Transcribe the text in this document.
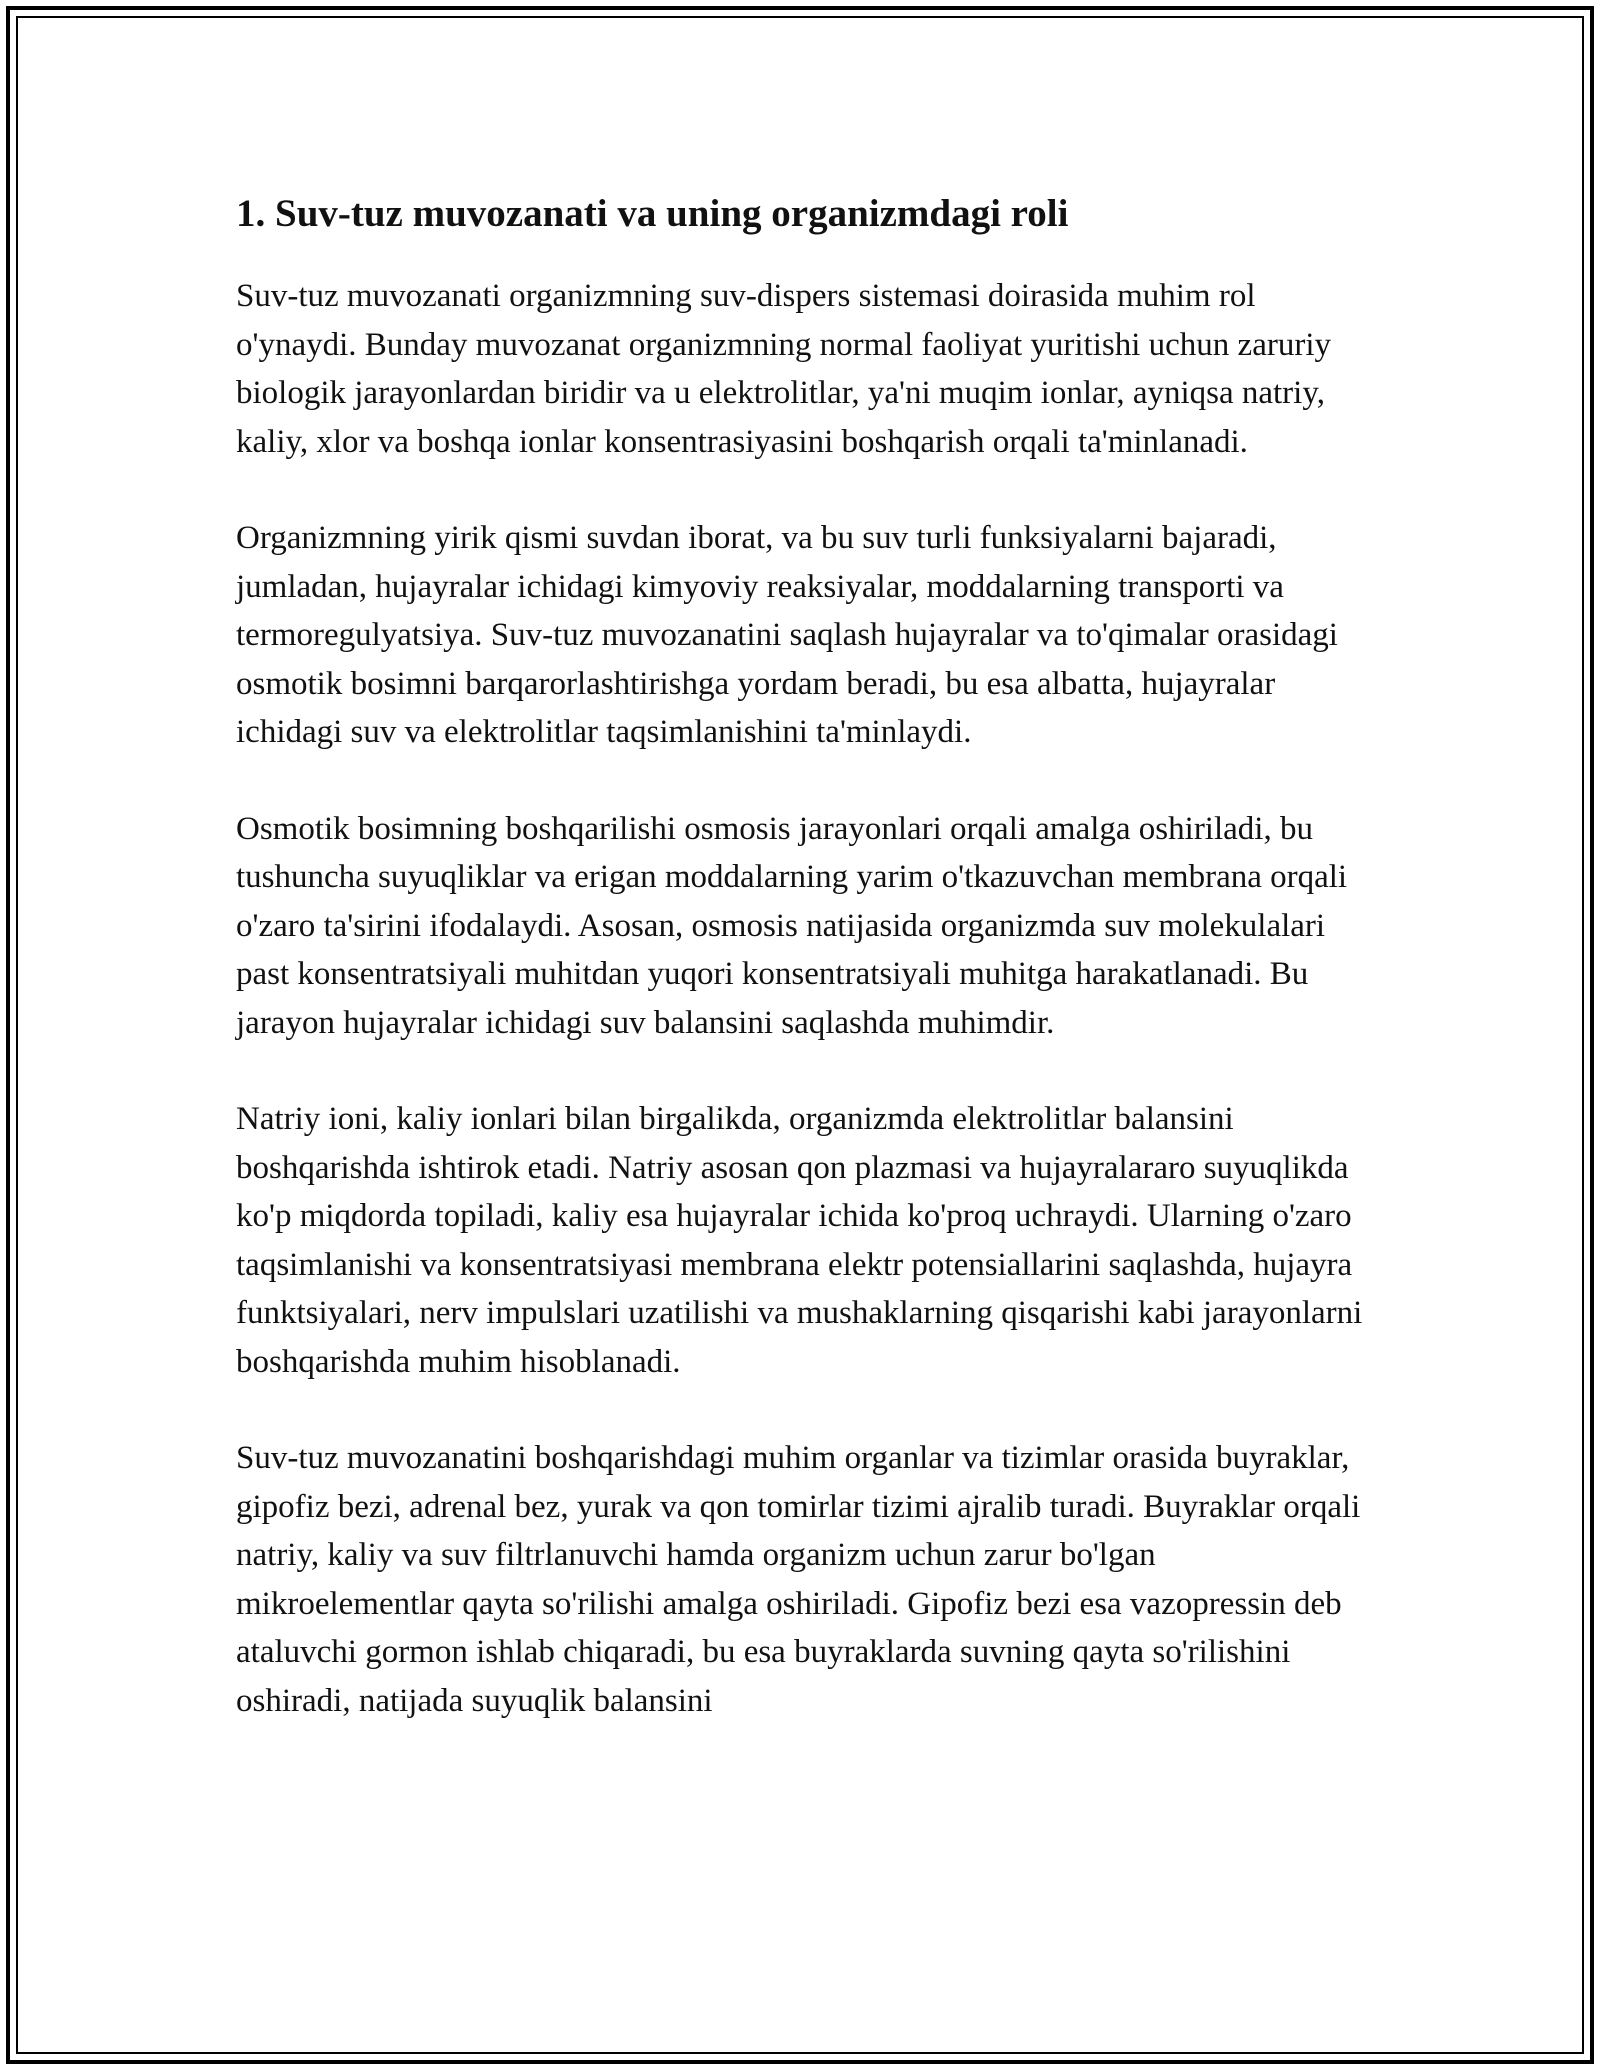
1. Suv-tuz muvozanati va uning organizmdagi roli

Suv-tuz muvozanati organizmning suv-dispers sistemasi doirasida muhim rol o'ynaydi. Bunday muvozanat organizmning normal faoliyat yuritishi uchun zaruriy biologik jarayonlardan biridir va u elektrolitlar, ya'ni muqim ionlar, ayniqsa natriy, kaliy, xlor va boshqa ionlar konsentrasiyasini boshqarish orqali ta'minlanadi.

Organizmning yirik qismi suvdan iborat, va bu suv turli funksiyalarni bajaradi, jumladan, hujayralar ichidagi kimyoviy reaksiyalar, moddalarning transporti va termoregulyatsiya. Suv-tuz muvozanatini saqlash hujayralar va to'qimalar orasidagi osmotik bosimni barqarorlashtirishga yordam beradi, bu esa albatta, hujayralar ichidagi suv va elektrolitlar taqsimlanishini ta'minlaydi.

Osmotik bosimning boshqarilishi osmosis jarayonlari orqali amalga oshiriladi, bu tushuncha suyuqliklar va erigan moddalarning yarim o'tkazuvchan membrana orqali o'zaro ta'sirini ifodalaydi. Asosan, osmosis natijasida organizmda suv molekulalari past konsentratsiyali muhitdan yuqori konsentratsiyali muhitga harakatlanadi. Bu jarayon hujayralar ichidagi suv balansini saqlashda muhimdir.

Natriy ioni, kaliy ionlari bilan birgalikda, organizmda elektrolitlar balansini boshqarishda ishtirok etadi. Natriy asosan qon plazmasi va hujayralararo suyuqlikda ko'p miqdorda topiladi, kaliy esa hujayralar ichida ko'proq uchraydi. Ularning o'zaro taqsimlanishi va konsentratsiyasi membrana elektr potensiallarini saqlashda, hujayra funktsiyalari, nerv impulslari uzatilishi va mushaklarning qisqarishi kabi jarayonlarni boshqarishda muhim hisoblanadi.

Suv-tuz muvozanatini boshqarishdagi muhim organlar va tizimlar orasida buyraklar, gipofiz bezi, adrenal bez, yurak va qon tomirlar tizimi ajralib turadi. Buyraklar orqali natriy, kaliy va suv filtrlanuvchi hamda organizm uchun zarur bo'lgan mikroelementlar qayta so'rilishi amalga oshiriladi. Gipofiz bezi esa vazopressin deb ataluvchi gormon ishlab chiqaradi, bu esa buyraklarda suvning qayta so'rilishini oshiradi, natijada suyuqlik balansini
